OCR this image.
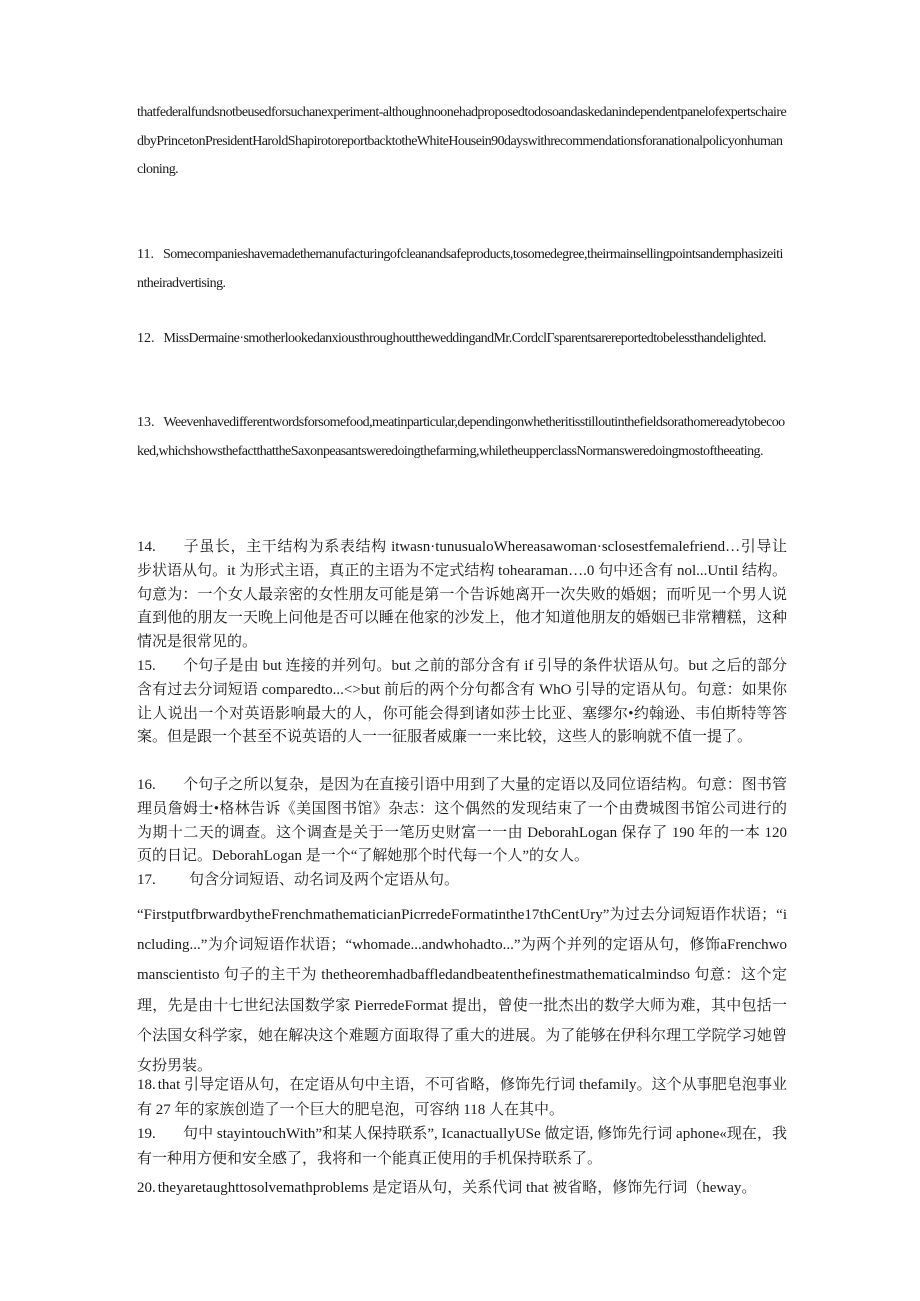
thatfederalfundsnotbeusedforsuchanexperiment-​althoughnoonehadproposedtodosoandaskedanindependentpanelofexpertschairedbyPrincetonPresidentHaroldShapirotoreportbacktotheWhiteHousein90dayswithrecommendationsforanationalpolicyonhumancloning.

11. Somecompanieshavemadethemanufacturingofcleanandsafeproducts,tosomedegree,theirmainsellingpointsandemphasizeitintheiradvertising.

12. MissDermaine·smotherlookedanxiousthroughouttheweddingandMr.CordclΓsparentsarereportedtobelessthandelighted.

13. Weevenhavedifferentwordsforsomefood,meatinparticular,dependingonwhetheritisstilloutinthefieldsorathomereadytobecooked,whichshowsthefactthattheSaxonpeasantsweredoingthefarming,whiletheupperclassNormansweredoingmostoftheeating.

14. 子虽长，主干结构为系表结构 itwasn·tunusualoWhereasawoman·sclosestfemalefriend…引导让步状语从句。it 为形式主语，真正的主语为不定式结构 tohearaman….0 句中还含有 nol...Until 结构。句意为：一个女人最亲密的女性朋友可能是第一个告诉她离开一次失败的婚姻；而听见一个男人说直到他的朋友一天晚上问他是否可以睡在他家的沙发上，他才知道他朋友的婚姻已非常糟糕，这种情况是很常见的。

15. 个句子是由 but 连接的并列句。but 之前的部分含有 if 引导的条件状语从句。but 之后的部分含有过去分词短语 comparedto...<>but 前后的两个分句都含有 WhO 引导的定语从句。句意：如果你让人说出一个对英语影响最大的人，你可能会得到诸如莎士比亚、塞缪尔•约翰逊、韦伯斯特等答案。但是跟一个甚至不说英语的人一一征服者威廉一一来比较，这些人的影响就不值一提了。

16. 个句子之所以复杂，是因为在直接引语中用到了大量的定语以及同位语结构。句意：图书管理员詹姆士•格林告诉《美国图书馆》杂志：这个偶然的发现结束了一个由费城图书馆公司进行的为期十二天的调查。这个调查是关于一笔历史财富一一由 DeborahLogan 保存了 190 年的一本 120 页的日记。DeborahLogan 是一个“了解她那个时代每一个人”的女人。

17. 句含分词短语、动名词及两个定语从句。

“FirstputfbrwardbytheFrenchmathematicianPicrredeFormatinthe17thCentUry”为过去分词短语作状语；“including...”为介词短语作状语；“whomade...andwhohadto...”为两个并列的定语从句，修饰aFrenchwomanscientisto 句子的主干为 thetheoremhadbaffledandbeatenthefinestmathematicalmindso 句意：这个定理，先是由十七世纪法国数学家 PierredeFormat 提出，曾使一批杰出的数学大师为难，其中包括一个法国女科学家，她在解决这个难题方面取得了重大的进展。为了能够在伊科尔理工学院学习她曾女扮男装。

18. that 引导定语从句，在定语从句中主语，不可省略，修饰先行词 thefamily。这个从事肥皂泡事业有 27 年的家族创造了一个巨大的肥皂泡，可容纳 118 人在其中。

19. 句中 stayintouchWith”和某人保持联系”, IcanactuallyUSe 做定语, 修饰先行词 aphone«现在，我有一种用方便和安全感了，我将和一个能真正使用的手机保持联系了。

20. theyaretaughttosolvemathproblems 是定语从句，关系代词 that 被省略，修饰先行词（heway。
